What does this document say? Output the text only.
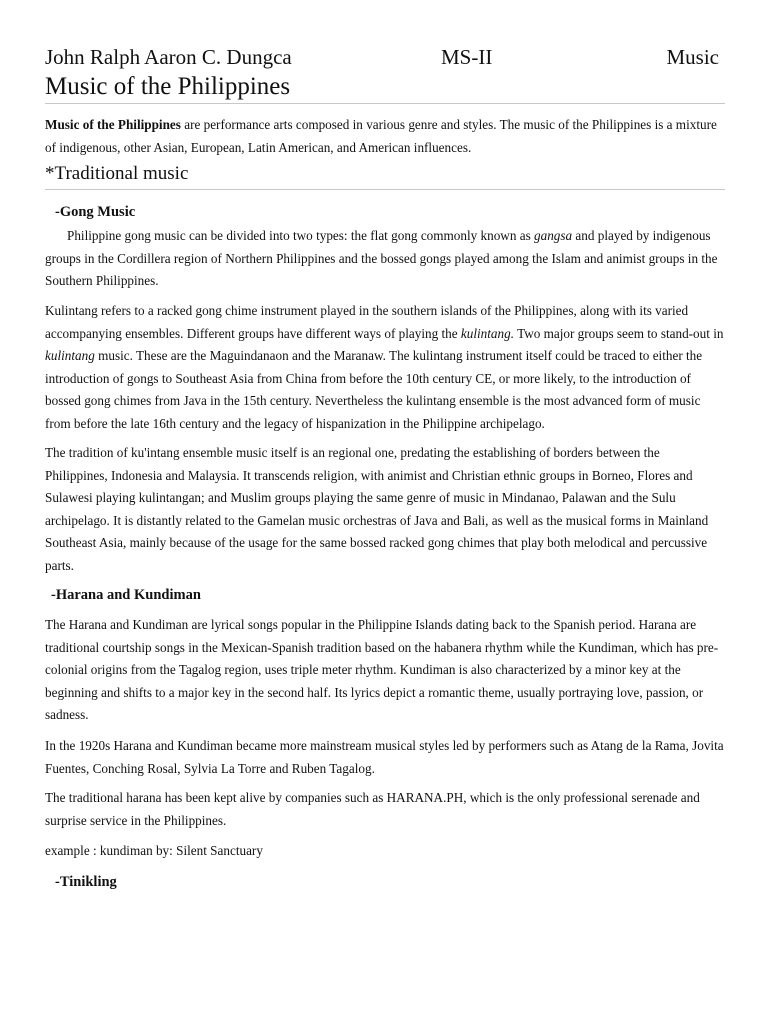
John Ralph Aaron C. Dungca	MS-II	Music
Music of the Philippines

Music of the Philippines are performance arts composed in various genre and styles. The music of the Philippines is a mixture of indigenous, other Asian, European, Latin American, and American influences.

*Traditional music
-Gong Music

Philippine gong music can be divided into two types: the flat gong commonly known as gangsa and played by indigenous groups in the Cordillera region of Northern Philippines and the bossed gongs played among the Islam and animist groups in the Southern Philippines.

Kulintang refers to a racked gong chime instrument played in the southern islands of the Philippines, along with its varied accompanying ensembles. Different groups have different ways of playing the kulintang. Two major groups seem to stand-out in kulintang music. These are the Maguindanaon and the Maranaw. The kulintang instrument itself could be traced to either the introduction of gongs to Southeast Asia from China from before the 10th century CE, or more likely, to the introduction of bossed gong chimes from Java in the 15th century. Nevertheless the kulintang ensemble is the most advanced form of music from before the late 16th century and the legacy of hispanization in the Philippine archipelago.

The tradition of ku'intang ensemble music itself is an regional one, predating the establishing of borders between the Philippines, Indonesia and Malaysia. It transcends religion, with animist and Christian ethnic groups in Borneo, Flores and Sulawesi playing kulintangan; and Muslim groups playing the same genre of music in Mindanao, Palawan and the Sulu archipelago. It is distantly related to the Gamelan music orchestras of Java and Bali, as well as the musical forms in Mainland Southeast Asia, mainly because of the usage for the same bossed racked gong chimes that play both melodical and percussive parts.

-Harana and Kundiman

The Harana and Kundiman are lyrical songs popular in the Philippine Islands dating back to the Spanish period. Harana are traditional courtship songs in the Mexican-Spanish tradition based on the habanera rhythm while the Kundiman, which has pre-colonial origins from the Tagalog region, uses triple meter rhythm. Kundiman is also characterized by a minor key at the beginning and shifts to a major key in the second half. Its lyrics depict a romantic theme, usually portraying love, passion, or sadness.

In the 1920s Harana and Kundiman became more mainstream musical styles led by performers such as Atang de la Rama, Jovita Fuentes, Conching Rosal, Sylvia La Torre and Ruben Tagalog.

The traditional harana has been kept alive by companies such as HARANA.PH, which is the only professional serenade and surprise service in the Philippines.

example : kundiman by: Silent Sanctuary

-Tinikling
